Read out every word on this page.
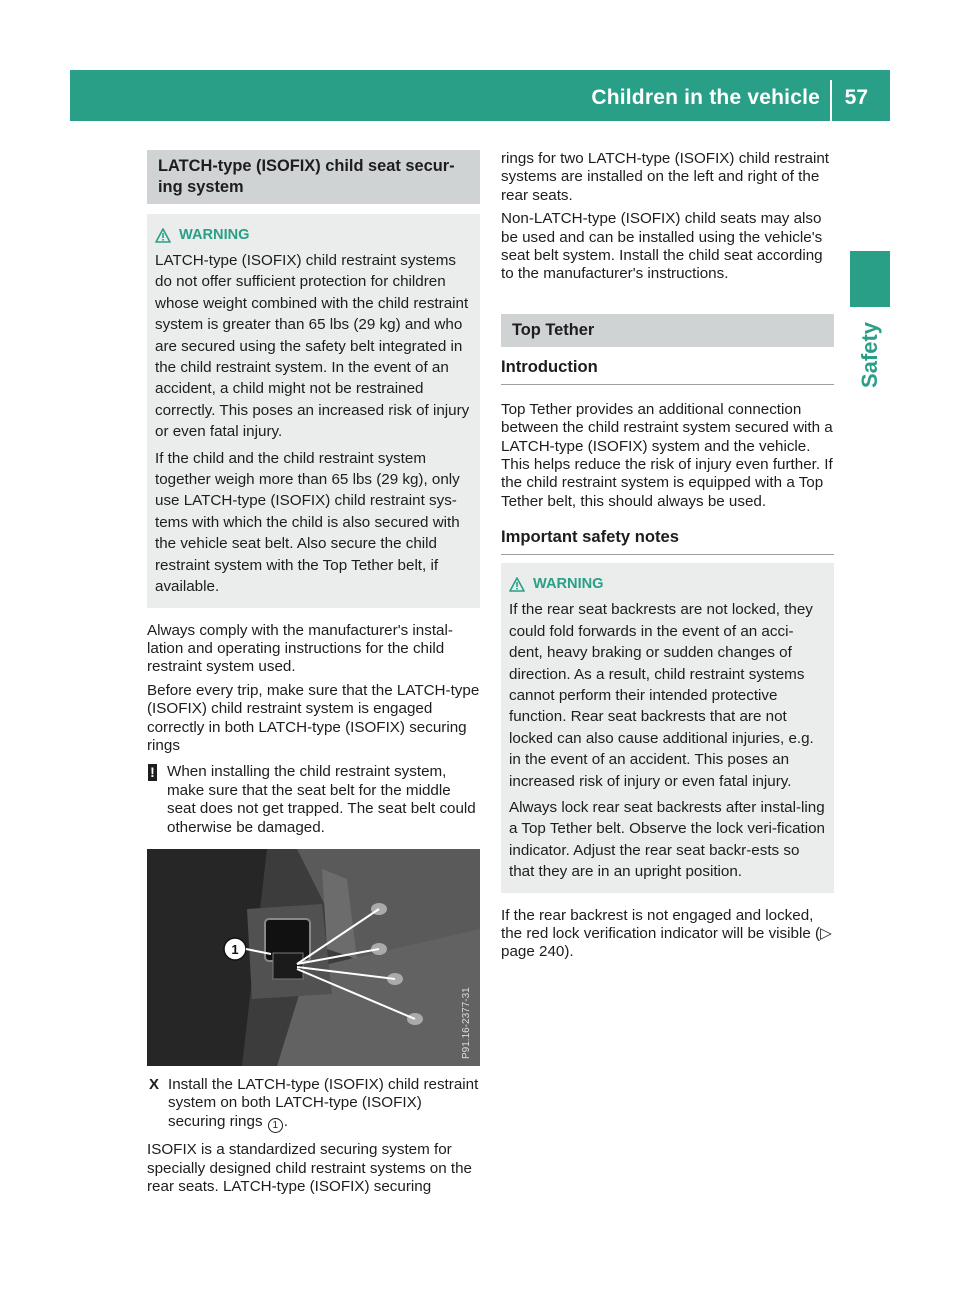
Children in the vehicle 57
Safety
LATCH-type (ISOFIX) child seat secur-
ing system
WARNING

LATCH-type (ISOFIX) child restraint systems do not offer sufficient protection for children whose weight combined with the child restraint system is greater than 65 lbs (29 kg) and who are secured using the safety belt integrated in the child restraint system. In the event of an accident, a child might not be restrained correctly. This poses an increased risk of injury or even fatal injury.

If the child and the child restraint system together weigh more than 65 lbs (29 kg), only use LATCH-type (ISOFIX) child restraint sys-tems with which the child is also secured with the vehicle seat belt. Also secure the child restraint system with the Top Tether belt, if available.

Always comply with the manufacturer's instal-lation and operating instructions for the child restraint system used.

Before every trip, make sure that the LATCH-type (ISOFIX) child restraint system is engaged correctly in both LATCH-type (ISOFIX) securing rings

! When installing the child restraint system, make sure that the seat belt for the middle seat does not get trapped. The seat belt could otherwise be damaged.
1
P91.16-2377-31
X Install the LATCH-type (ISOFIX) child restraint system on both LATCH-type (ISOFIX) securing rings 1 .

ISOFIX is a standardized securing system for specially designed child restraint systems on the rear seats. LATCH-type (ISOFIX) securing

rings for two LATCH-type (ISOFIX) child restraint systems are installed on the left and right of the rear seats.

Non-LATCH-type (ISOFIX) child seats may also be used and can be installed using the vehicle's seat belt system. Install the child seat according to the manufacturer's instructions.

Top Tether
Introduction

Top Tether provides an additional connection between the child restraint system secured with a LATCH-type (ISOFIX) system and the vehicle. This helps reduce the risk of injury even further. If the child restraint system is equipped with a Top Tether belt, this should always be used.

Important safety notes
WARNING

If the rear seat backrests are not locked, they could fold forwards in the event of an acci-dent, heavy braking or sudden changes of direction. As a result, child restraint systems cannot perform their intended protective function. Rear seat backrests that are not locked can also cause additional injuries, e.g. in the event of an accident. This poses an increased risk of injury or even fatal injury.

Always lock rear seat backrests after instal-ling a Top Tether belt. Observe the lock veri-fication indicator. Adjust the rear seat backr-ests so that they are in an upright position.

If the rear backrest is not engaged and locked, the red lock verification indicator will be visible (▷ page 240).
